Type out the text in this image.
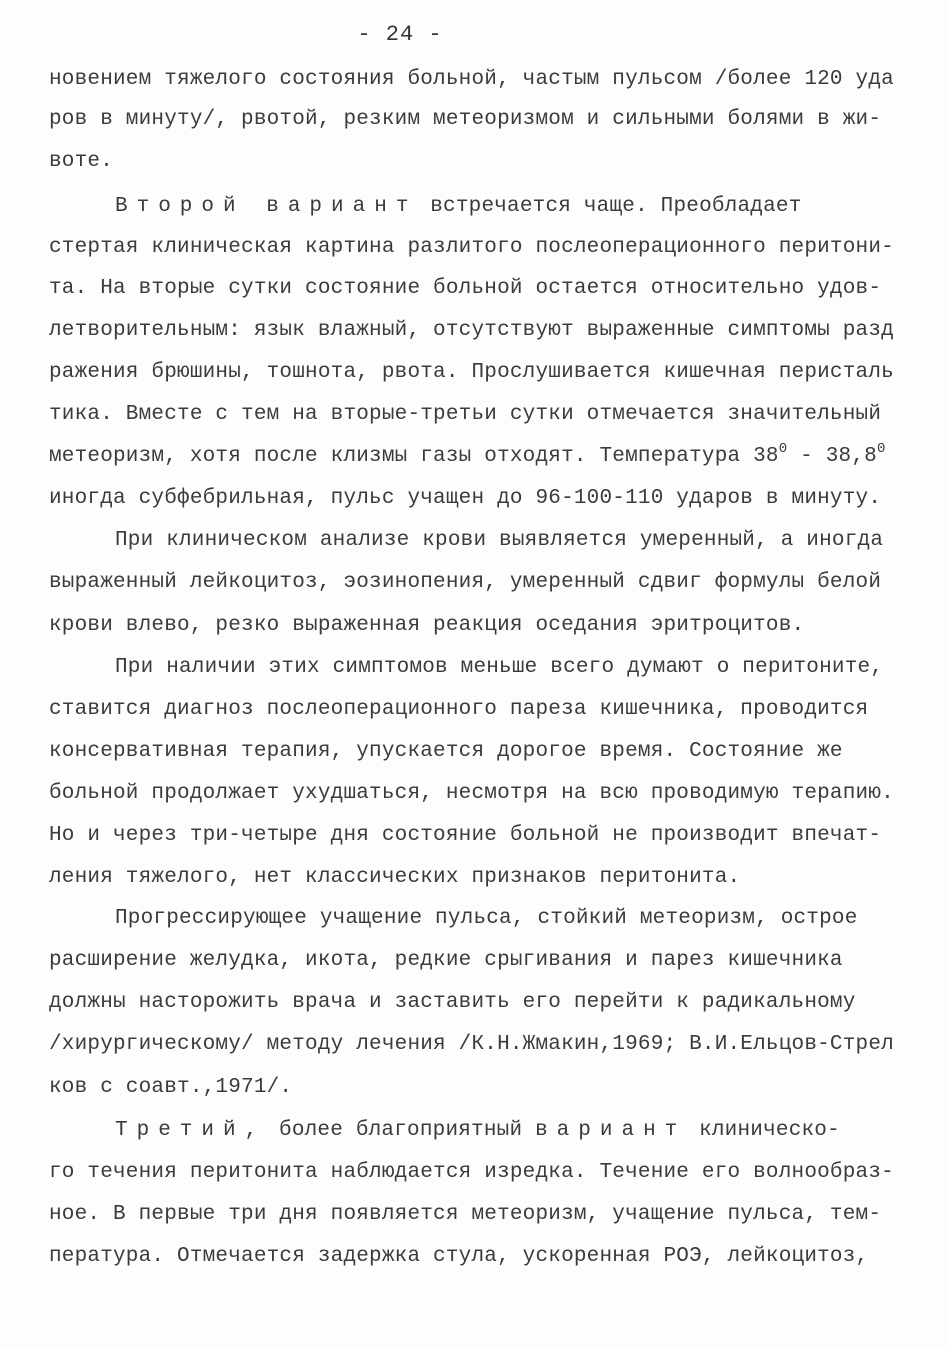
- 24 -
новением тяжелого состояния больной, частым пульсом /более 120 уда
ров в минуту/, рвотой, резким метеоризмом и сильными болями в жи-
воте.
Второй вариант встречается чаще. Преобладает
стертая клиническая картина разлитого послеоперационного перитони-
та. На вторые сутки состояние больной остается относительно удов-
летворительным: язык влажный, отсутствуют выраженные симптомы разд
ражения брюшины, тошнота, рвота. Прослушивается кишечная перисталь
тика. Вместе с тем на вторые-третьи сутки отмечается значительный
метеоризм, хотя после клизмы газы отходят. Температура $38^0 - 38,8^0$
иногда субфебрильная, пульс учащен до 96-100-110 ударов в минуту.
При клиническом анализе крови выявляется умеренный, а иногда
выраженный лейкоцитоз, эозинопения, умеренный сдвиг формулы белой
крови влево, резко выраженная реакция оседания эритроцитов.
При наличии этих симптомов меньше всего думают о перитоните,
ставится диагноз послеоперационного пареза кишечника, проводится
консервативная терапия, упускается дорогое время. Состояние же
больной продолжает ухудшаться, несмотря на всю проводимую терапию.
Но и через три-четыре дня состояние больной не производит впечат-
ления тяжелого, нет классических признаков перитонита.
Прогрессирующее учащение пульса, стойкий метеоризм, острое
расширение желудка, икота, редкие срыгивания и парез кишечника
должны насторожить врача и заставить его перейти к радикальному
/хирургическому/ методу лечения /К.Н.Жмакин,1969; В.И.Ельцов-Стрел
ков с соавт.,1971/.
Третий, более благоприятный вариант клиническо-
го течения перитонита наблюдается изредка. Течение его волнообраз-
ное. В первые три дня появляется метеоризм, учащение пульса, тем-
пература. Отмечается задержка стула, ускоренная РОЭ, лейкоцитоз,
